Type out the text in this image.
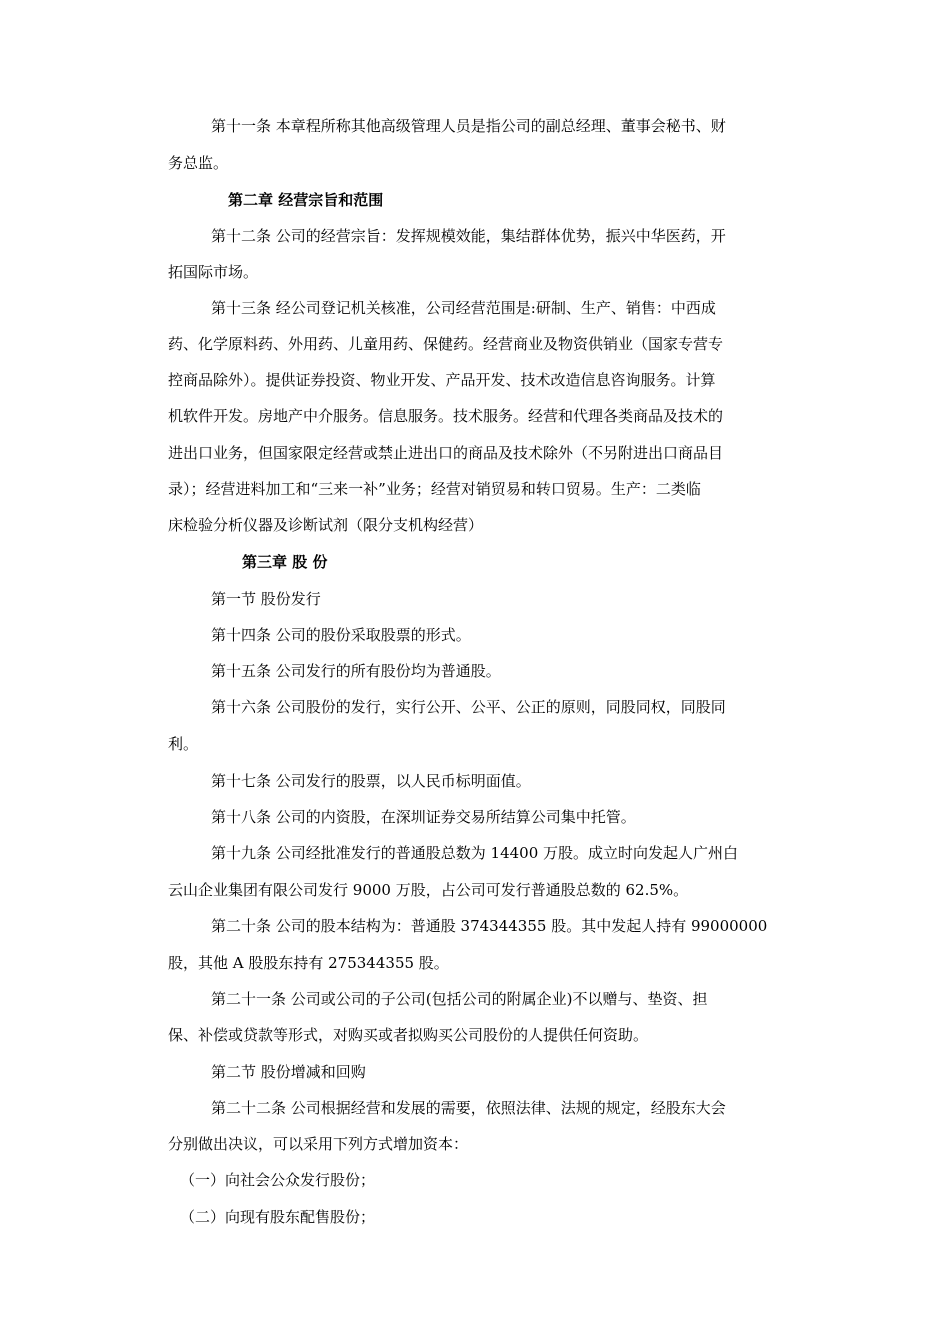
第十一条 本章程所称其他高级管理人员是指公司的副总经理、董事会秘书、财
务总监。
第二章 经营宗旨和范围
第十二条 公司的经营宗旨：发挥规模效能，集结群体优势，振兴中华医药，开
拓国际市场。
第十三条 经公司登记机关核准，公司经营范围是:研制、生产、销售：中西成
药、化学原料药、外用药、儿童用药、保健药。经营商业及物资供销业（国家专营专
控商品除外）。提供证券投资、物业开发、产品开发、技术改造信息咨询服务。计算
机软件开发。房地产中介服务。信息服务。技术服务。经营和代理各类商品及技术的
进出口业务，但国家限定经营或禁止进出口的商品及技术除外（不另附进出口商品目
录）；经营进料加工和“三来一补”业务；经营对销贸易和转口贸易。生产：二类临
床检验分析仪器及诊断试剂（限分支机构经营）
第三章 股 份
第一节 股份发行
第十四条 公司的股份采取股票的形式。
第十五条 公司发行的所有股份均为普通股。
第十六条 公司股份的发行，实行公开、公平、公正的原则，同股同权，同股同
利。
第十七条 公司发行的股票，以人民币标明面值。
第十八条 公司的内资股，在深圳证券交易所结算公司集中托管。
第十九条 公司经批准发行的普通股总数为 14400 万股。成立时向发起人广州白
云山企业集团有限公司发行 9000 万股，占公司可发行普通股总数的 62.5%。
第二十条 公司的股本结构为：普通股 374344355 股。其中发起人持有 99000000
股，其他 A 股股东持有 275344355 股。
第二十一条 公司或公司的子公司(包括公司的附属企业)不以赠与、垫资、担
保、补偿或贷款等形式，对购买或者拟购买公司股份的人提供任何资助。
第二节 股份增减和回购
第二十二条 公司根据经营和发展的需要，依照法律、法规的规定，经股东大会
分别做出决议，可以采用下列方式增加资本：
（一）向社会公众发行股份；
（二）向现有股东配售股份；
